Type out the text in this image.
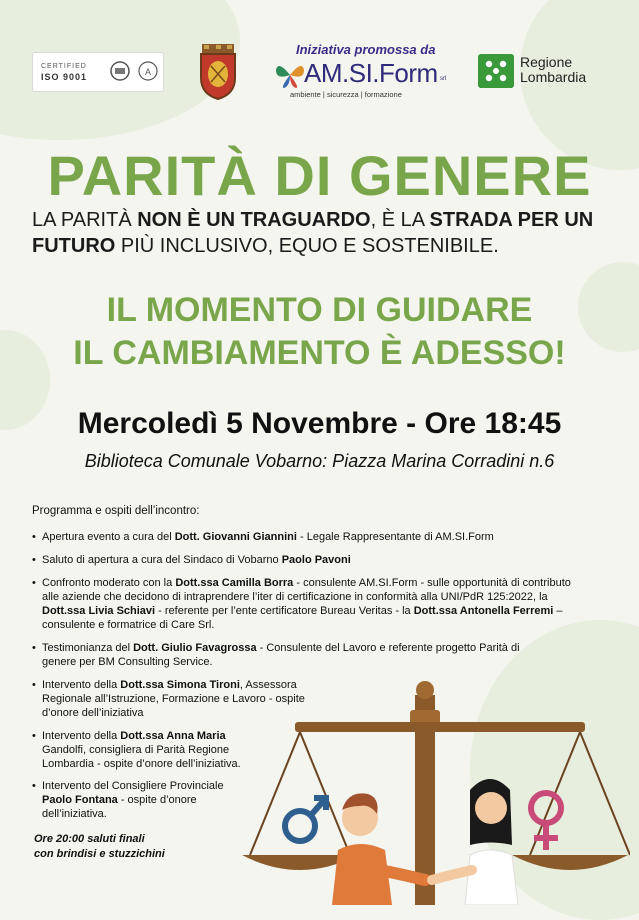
CERTIFIED
ISO 9001	A
Iniziativa promossa da
AM.SI.Form srl
ambiente | sicurezza | formazione
Regione
Lombardia
PARITÀ DI GENERE
LA PARITÀ NON È UN TRAGUARDO, È LA STRADA PER UN FUTURO PIÙ INCLUSIVO, EQUO E SOSTENIBILE.
IL MOMENTO DI GUIDARE
IL CAMBIAMENTO È ADESSO!
Mercoledì 5 Novembre - Ore 18:45
Biblioteca Comunale Vobarno: Piazza Marina Corradini n.6
Programma e ospiti dell’incontro:
• Apertura evento a cura del Dott. Giovanni Giannini - Legale Rappresentante di AM.SI.Form
• Saluto di apertura a cura del Sindaco di Vobarno Paolo Pavoni
• Confronto moderato con la Dott.ssa Camilla Borra - consulente AM.SI.Form - sulle opportunità di contributo alle aziende che decidono di intraprendere l’iter di certificazione in conformità alla UNI/PdR 125:2022, la Dott.ssa Livia Schiavi - referente per l’ente certificatore Bureau Veritas - la Dott.ssa Antonella Ferremi – consulente e formatrice di Care Srl.
• Testimonianza del Dott. Giulio Favagrossa - Consulente del Lavoro e referente progetto Parità di genere per BM Consulting Service.
• Intervento della Dott.ssa Simona Tironi, Assessora Regionale all’Istruzione, Formazione e Lavoro - ospite d’onore dell’iniziativa
• Intervento della Dott.ssa Anna Maria Gandolfi, consigliera di Parità Regione Lombardia - ospite d’onore dell’iniziativa.
• Intervento del Consigliere Provinciale Paolo Fontana - ospite d’onore dell’iniziativa.
Ore 20:00 saluti finali
con brindisi e stuzzichini
